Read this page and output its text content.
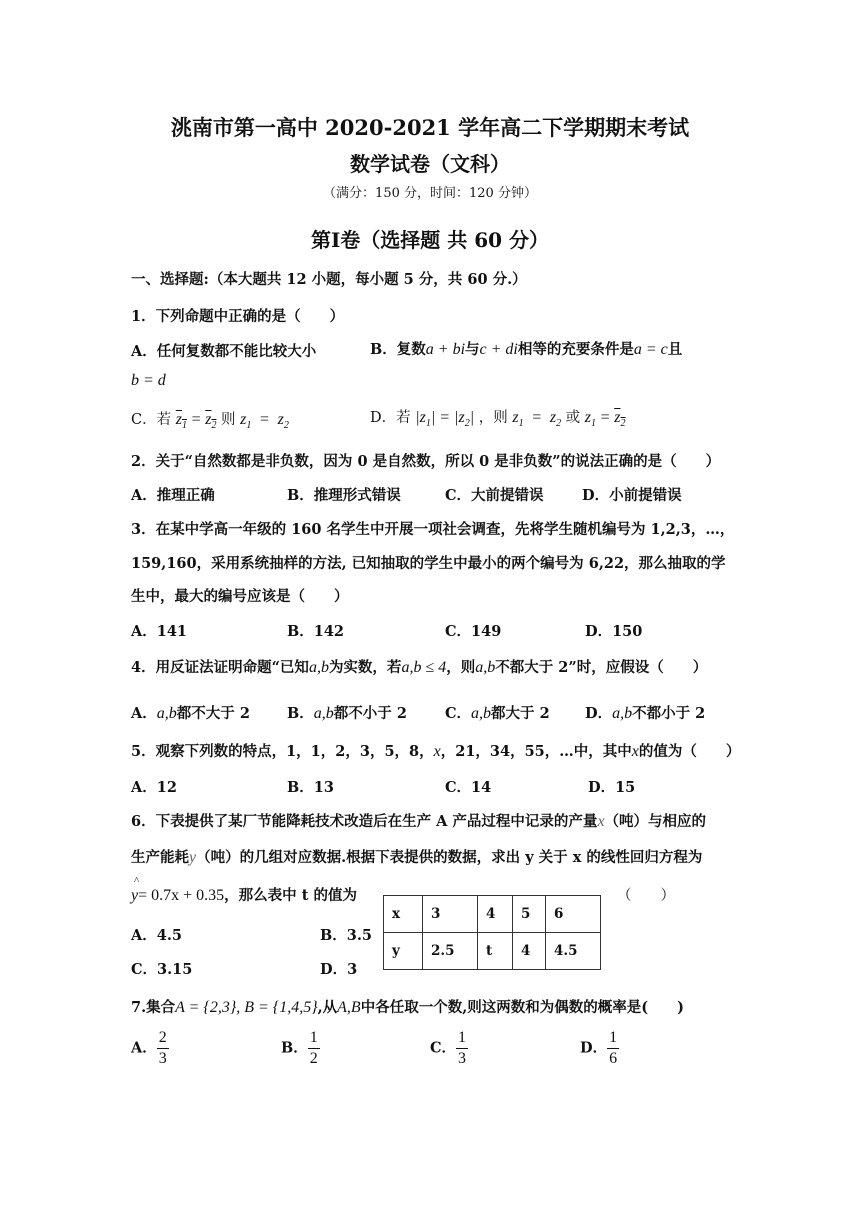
洮南市第一高中 2020-2021 学年高二下学期期末考试
数学试卷（文科）
（满分：150 分，时间：120 分钟）
第Ⅰ卷（选择题 共 60 分）
一、选择题:（本大题共 12 小题，每小题 5 分，共 60 分.）
1．下列命题中正确的是（　　）
A．任何复数都不能比较大小	B．复数a + bi与c + di相等的充要条件是a = c且
b = d
C．若 $z_1 = z_2$ 则 $z_1 = z_2$	D．若 $|z_1| = |z_2|$ ，则 $z_1 = z_2$ 或 $z_1 = z_2$
2．关于“自然数都是非负数，因为 0 是自然数，所以 0 是非负数”的说法正确的是（　　）
A．推理正确	B．推理形式错误	C．大前提错误	D．小前提错误
3．在某中学高一年级的 160 名学生中开展一项社会调查，先将学生随机编号为 1,2,3，…，
159,160，采用系统抽样的方法, 已知抽取的学生中最小的两个编号为 6,22，那么抽取的学
生中，最大的编号应该是（　　）
A．141	B．142	C．149	D．150
4．用反证法证明命题“已知a,b为实数，若a,b ≤ 4，则a,b不都大于 2”时，应假设（　　）
A．a,b都不大于 2	B．a,b都不小于 2	C．a,b都大于 2 D．a,b不都小于 2
5．观察下列数的特点，1，1，2，3，5，8，x，21，34，55，…中，其中x的值为（　　）
A．12	B．13	C．14	D．15
6．下表提供了某厂节能降耗技术改造后在生产 A 产品过程中记录的产量x（吨）与相应的
生产能耗y（吨）的几组对应数据.根据下表提供的数据，求出 y 关于 x 的线性回归方程为
^
y= 0.7x + 0.35，那么表中 t 的值为	（　　）
x	3	4	5	6
y	2.5	t	4	4.5
A．4.5	B．3.5
C．3.15	D．3
7.集合A = {2,3}, B = {1,4,5},从A,B中各任取一个数,则这两数和为偶数的概率是(　　)
A． $\frac{2}{3}$	B． $\frac{1}{2}$	C． $\frac{1}{3}$	D． $\frac{1}{6}$
